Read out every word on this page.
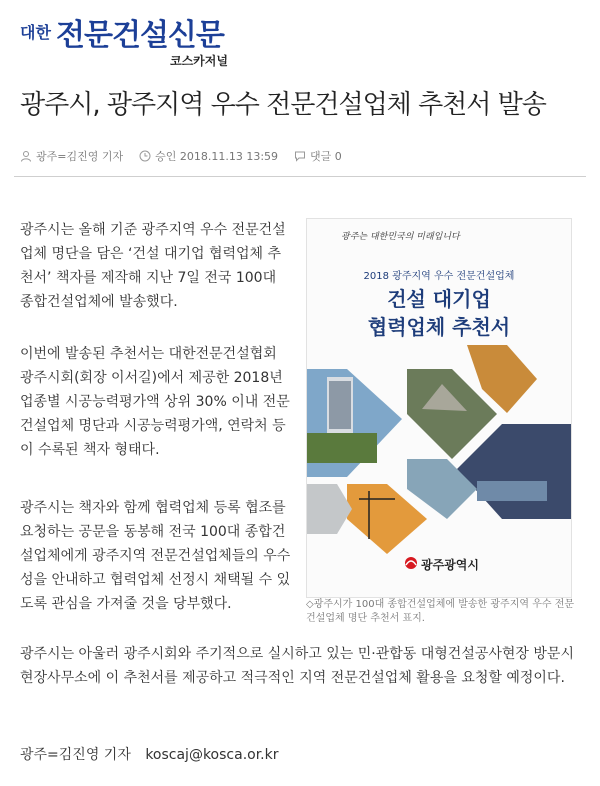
대한 전문건설신문
코스카저널
광주시, 광주지역 우수 전문건설업체 추천서 발송
광주=김진영 기자	승인 2018.11.13 13:59	댓글 0

광주시는 올해 기준 광주지역 우수 전문건설업체 명단을 담은 ‘건설 대기업 협력업체 추천서’ 책자를 제작해 지난 7일 전국 100대 종합건설업체에 발송했다.

이번에 발송된 추천서는 대한전문건설협회 광주시회(회장 이서길)에서 제공한 2018년 업종별 시공능력평가액 상위 30% 이내 전문건설업체 명단과 시공능력평가액, 연락처 등이 수록된 책자 형태다.

광주시는 책자와 함께 협력업체 등록 협조를 요청하는 공문을 동봉해 전국 100대 종합건설업체에게 광주지역 전문건설업체들의 우수성을 안내하고 협력업체 선정시 채택될 수 있도록 관심을 가져줄 것을 당부했다.

광주시는 아울러 광주시회와 주기적으로 실시하고 있는 민·관합동 대형건설공사현장 방문시 현장사무소에 이 추천서를 제공하고 적극적인 지역 전문건설업체 활용을 요청할 예정이다.

광주는 대한민국의 미래입니다
2018 광주지역 우수 전문건설업체
건설 대기업
협력업체 추천서
광주광역시
◇광주시가 100대 종합건설업체에 발송한 광주지역 우수 전문건설업체 명단 추천서 표지.
광주=김진영 기자 koscaj@kosca.or.kr
